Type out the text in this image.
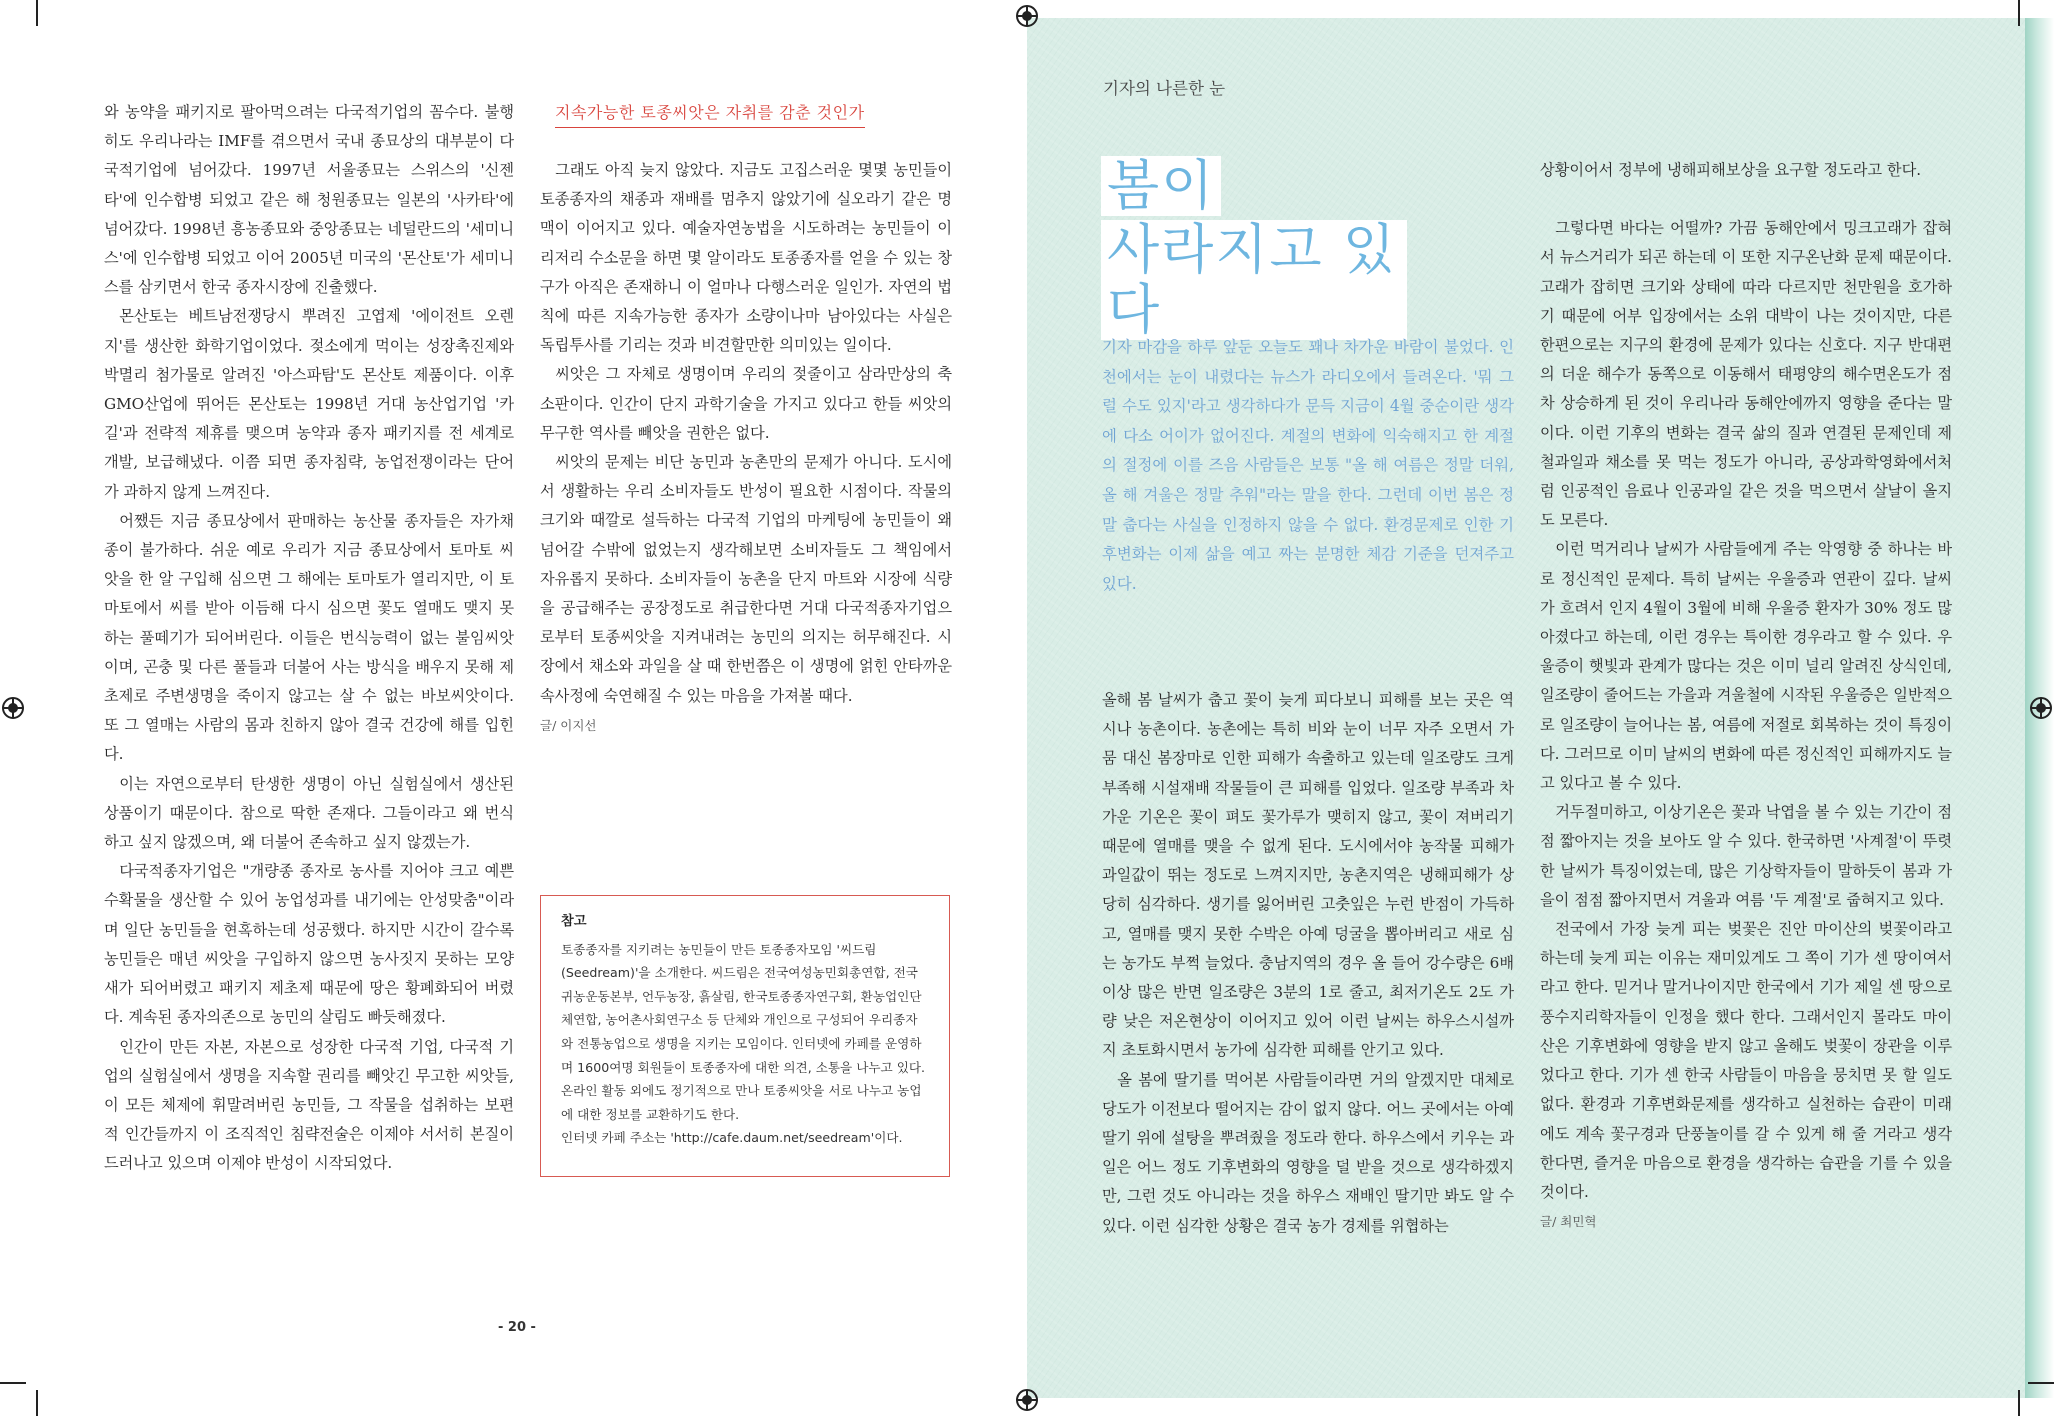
와 농약을 패키지로 팔아먹으려는 다국적기업의 꼼수다. 불행히도 우리나라는 IMF를 겪으면서 국내 종묘상의 대부분이 다국적기업에 넘어갔다. 1997년 서울종묘는 스위스의 '신젠타'에 인수합병 되었고 같은 해 청원종묘는 일본의 '사카타'에 넘어갔다. 1998년 흥농종묘와 중앙종묘는 네덜란드의 '세미니스'에 인수합병 되었고 이어 2005년 미국의 '몬산토'가 세미니스를 삼키면서 한국 종자시장에 진출했다.

몬산토는 베트남전쟁당시 뿌려진 고엽제 '에이전트 오렌지'를 생산한 화학기업이었다. 젖소에게 먹이는 성장촉진제와 박멸리 첨가물로 알려진 '아스파탐'도 몬산토 제품이다. 이후 GMO산업에 뛰어든 몬산토는 1998년 거대 농산업기업 '카길'과 전략적 제휴를 맺으며 농약과 종자 패키지를 전 세계로 개발, 보급해냈다. 이쯤 되면 종자침략, 농업전쟁이라는 단어가 과하지 않게 느껴진다.

어쨌든 지금 종묘상에서 판매하는 농산물 종자들은 자가채종이 불가하다. 쉬운 예로 우리가 지금 종묘상에서 토마토 씨앗을 한 알 구입해 심으면 그 해에는 토마토가 열리지만, 이 토마토에서 씨를 받아 이듬해 다시 심으면 꽃도 열매도 맺지 못하는 풀떼기가 되어버린다. 이들은 번식능력이 없는 불임씨앗이며, 곤충 및 다른 풀들과 더불어 사는 방식을 배우지 못해 제초제로 주변생명을 죽이지 않고는 살 수 없는 바보씨앗이다. 또 그 열매는 사람의 몸과 친하지 않아 결국 건강에 해를 입힌다.

이는 자연으로부터 탄생한 생명이 아닌 실험실에서 생산된 상품이기 때문이다. 참으로 딱한 존재다. 그들이라고 왜 번식하고 싶지 않겠으며, 왜 더불어 존속하고 싶지 않겠는가.

다국적종자기업은 "개량종 종자로 농사를 지어야 크고 예쁜 수확물을 생산할 수 있어 농업성과를 내기에는 안성맞춤"이라며 일단 농민들을 현혹하는데 성공했다. 하지만 시간이 갈수록 농민들은 매년 씨앗을 구입하지 않으면 농사짓지 못하는 모양새가 되어버렸고 패키지 제초제 때문에 땅은 황폐화되어 버렸다. 계속된 종자의존으로 농민의 살림도 빠듯해졌다.

인간이 만든 자본, 자본으로 성장한 다국적 기업, 다국적 기업의 실험실에서 생명을 지속할 권리를 빼앗긴 무고한 씨앗들, 이 모든 체제에 휘말려버린 농민들, 그 작물을 섭취하는 보편적 인간들까지 이 조직적인 침략전술은 이제야 서서히 본질이 드러나고 있으며 이제야 반성이 시작되었다.

지속가능한 토종씨앗은 자취를 감춘 것인가

그래도 아직 늦지 않았다. 지금도 고집스러운 몇몇 농민들이 토종종자의 채종과 재배를 멈추지 않았기에 실오라기 같은 명맥이 이어지고 있다. 예술자연농법을 시도하려는 농민들이 이리저리 수소문을 하면 몇 알이라도 토종종자를 얻을 수 있는 창구가 아직은 존재하니 이 얼마나 다행스러운 일인가. 자연의 법칙에 따른 지속가능한 종자가 소량이나마 남아있다는 사실은 독립투사를 기리는 것과 비견할만한 의미있는 일이다.

씨앗은 그 자체로 생명이며 우리의 젖줄이고 삼라만상의 축소판이다. 인간이 단지 과학기술을 가지고 있다고 한들 씨앗의 무구한 역사를 빼앗을 권한은 없다.

씨앗의 문제는 비단 농민과 농촌만의 문제가 아니다. 도시에서 생활하는 우리 소비자들도 반성이 필요한 시점이다. 작물의 크기와 때깔로 설득하는 다국적 기업의 마케팅에 농민들이 왜 넘어갈 수밖에 없었는지 생각해보면 소비자들도 그 책임에서 자유롭지 못하다. 소비자들이 농촌을 단지 마트와 시장에 식량을 공급해주는 공장정도로 취급한다면 거대 다국적종자기업으로부터 토종씨앗을 지켜내려는 농민의 의지는 허무해진다. 시장에서 채소와 과일을 살 때 한번쯤은 이 생명에 얽힌 안타까운 속사정에 숙연해질 수 있는 마음을 가져볼 때다.

글/ 이지선

참고
토종종자를 지키려는 농민들이 만든 토종종자모임 '씨드림(Seedream)'을 소개한다. 씨드림은 전국여성농민회총연합, 전국귀농운동본부, 언두농장, 흙살림, 한국토종종자연구회, 환농업인단체연합, 농어촌사회연구소 등 단체와 개인으로 구성되어 우리종자와 전통농업으로 생명을 지키는 모임이다. 인터넷에 카페를 운영하며 1600여명 회원들이 토종종자에 대한 의견, 소통을 나누고 있다. 온라인 활동 외에도 정기적으로 만나 토종씨앗을 서로 나누고 농업에 대한 정보를 교환하기도 한다.
인터넷 카페 주소는 'http://cafe.daum.net/seedream'이다.
- 20 -
기자의 나른한 눈
봄이
사라지고 있다
기자 마감을 하루 앞둔 오늘도 꽤나 차가운 바람이 불었다. 인천에서는 눈이 내렸다는 뉴스가 라디오에서 들려온다. '뭐 그럴 수도 있지'라고 생각하다가 문득 지금이 4월 중순이란 생각에 다소 어이가 없어진다. 계절의 변화에 익숙해지고 한 계절의 절정에 이를 즈음 사람들은 보통 "올 해 여름은 정말 더워, 올 해 겨울은 정말 추워"라는 말을 한다. 그런데 이번 봄은 정말 춥다는 사실을 인정하지 않을 수 없다. 환경문제로 인한 기후변화는 이제 삶을 예고 짜는 분명한 체감 기준을 던져주고 있다.

올해 봄 날씨가 춥고 꽃이 늦게 피다보니 피해를 보는 곳은 역시나 농촌이다. 농촌에는 특히 비와 눈이 너무 자주 오면서 가뭄 대신 봄장마로 인한 피해가 속출하고 있는데 일조량도 크게 부족해 시설재배 작물들이 큰 피해를 입었다. 일조량 부족과 차가운 기온은 꽃이 펴도 꽃가루가 맺히지 않고, 꽃이 져버리기 때문에 열매를 맺을 수 없게 된다. 도시에서야 농작물 피해가 과일값이 뛰는 정도로 느껴지지만, 농촌지역은 냉해피해가 상당히 심각하다. 생기를 잃어버린 고춧잎은 누런 반점이 가득하고, 열매를 맺지 못한 수박은 아예 덩굴을 뽑아버리고 새로 심는 농가도 부쩍 늘었다. 충남지역의 경우 올 들어 강수량은 6배 이상 많은 반면 일조량은 3분의 1로 줄고, 최저기온도 2도 가량 낮은 저온현상이 이어지고 있어 이런 날씨는 하우스시설까지 초토화시면서 농가에 심각한 피해를 안기고 있다.

올 봄에 딸기를 먹어본 사람들이라면 거의 알겠지만 대체로 당도가 이전보다 떨어지는 감이 없지 않다. 어느 곳에서는 아예 딸기 위에 설탕을 뿌려줬을 정도라 한다. 하우스에서 키우는 과일은 어느 정도 기후변화의 영향을 덜 받을 것으로 생각하겠지만, 그런 것도 아니라는 것을 하우스 재배인 딸기만 봐도 알 수 있다. 이런 심각한 상황은 결국 농가 경제를 위협하는

상황이어서 정부에 냉해피해보상을 요구할 정도라고 한다.

그렇다면 바다는 어떨까? 가끔 동해안에서 밍크고래가 잡혀서 뉴스거리가 되곤 하는데 이 또한 지구온난화 문제 때문이다. 고래가 잡히면 크기와 상태에 따라 다르지만 천만원을 호가하기 때문에 어부 입장에서는 소위 대박이 나는 것이지만, 다른 한편으로는 지구의 환경에 문제가 있다는 신호다. 지구 반대편의 더운 해수가 동쪽으로 이동해서 태평양의 해수면온도가 점차 상승하게 된 것이 우리나라 동해안에까지 영향을 준다는 말이다. 이런 기후의 변화는 결국 삶의 질과 연결된 문제인데 제철과일과 채소를 못 먹는 정도가 아니라, 공상과학영화에서처럼 인공적인 음료나 인공과일 같은 것을 먹으면서 살날이 올지도 모른다.

이런 먹거리나 날씨가 사람들에게 주는 악영향 중 하나는 바로 정신적인 문제다. 특히 날씨는 우울증과 연관이 깊다. 날씨가 흐려서 인지 4월이 3월에 비해 우울증 환자가 30% 정도 많아졌다고 하는데, 이런 경우는 특이한 경우라고 할 수 있다. 우울증이 햇빛과 관계가 많다는 것은 이미 널리 알려진 상식인데, 일조량이 줄어드는 가을과 겨울철에 시작된 우울증은 일반적으로 일조량이 늘어나는 봄, 여름에 저절로 회복하는 것이 특징이다. 그러므로 이미 날씨의 변화에 따른 정신적인 피해까지도 늘고 있다고 볼 수 있다.

거두절미하고, 이상기온은 꽃과 낙엽을 볼 수 있는 기간이 점점 짧아지는 것을 보아도 알 수 있다. 한국하면 '사계절'이 뚜렷한 날씨가 특징이었는데, 많은 기상학자들이 말하듯이 봄과 가을이 점점 짧아지면서 겨울과 여름 '두 계절'로 줍혀지고 있다.

전국에서 가장 늦게 피는 벚꽃은 진안 마이산의 벚꽃이라고 하는데 늦게 피는 이유는 재미있게도 그 쪽이 기가 센 땅이여서 라고 한다. 믿거나 말거나이지만 한국에서 기가 제일 센 땅으로 풍수지리학자들이 인정을 했다 한다. 그래서인지 몰라도 마이산은 기후변화에 영향을 받지 않고 올해도 벚꽃이 장관을 이루었다고 한다. 기가 센 한국 사람들이 마음을 뭉치면 못 할 일도 없다. 환경과 기후변화문제를 생각하고 실천하는 습관이 미래에도 계속 꽃구경과 단풍놀이를 갈 수 있게 해 줄 거라고 생각한다면, 즐거운 마음으로 환경을 생각하는 습관을 기를 수 있을 것이다.

글/ 최민혁
